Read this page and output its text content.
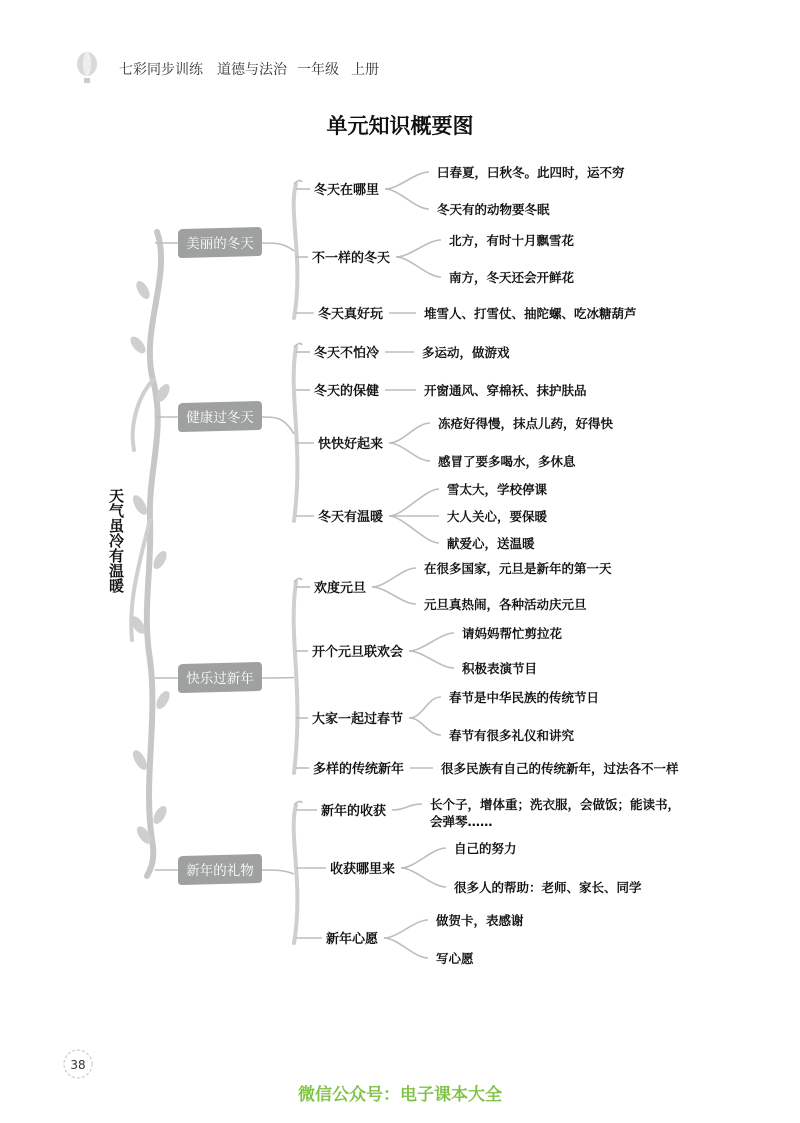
七彩同步训练 道德与法治 一年级 上册
单元知识概要图
天气虽冷有温暖
美丽的冬天
冬天在哪里
曰春夏，曰秋冬。此四时，运不穷
冬天有的动物要冬眠
不一样的冬天
北方，有时十月飘雪花
南方，冬天还会开鲜花
冬天真好玩	堆雪人、打雪仗、抽陀螺、吃冰糖葫芦
健康过冬天
冬天不怕冷	多运动，做游戏
冬天的保健	开窗通风、穿棉袄、抹护肤品
快快好起来
冻疮好得慢，抹点儿药，好得快
感冒了要多喝水，多休息
冬天有温暖
雪太大，学校停课
大人关心，要保暖
献爱心，送温暖
快乐过新年
欢度元旦
在很多国家，元旦是新年的第一天
元旦真热闹，各种活动庆元旦
开个元旦联欢会
请妈妈帮忙剪拉花
积极表演节目
大家一起过春节
春节是中华民族的传统节日
春节有很多礼仪和讲究
多样的传统新年	很多民族有自己的传统新年，过法各不一样
新年的礼物
新年的收获	长个子，增体重；洗衣服，会做饭；能读书，会弹琴……
收获哪里来
自己的努力
很多人的帮助：老师、家长、同学
新年心愿
做贺卡，表感谢
写心愿
38
微信公众号：电子课本大全
